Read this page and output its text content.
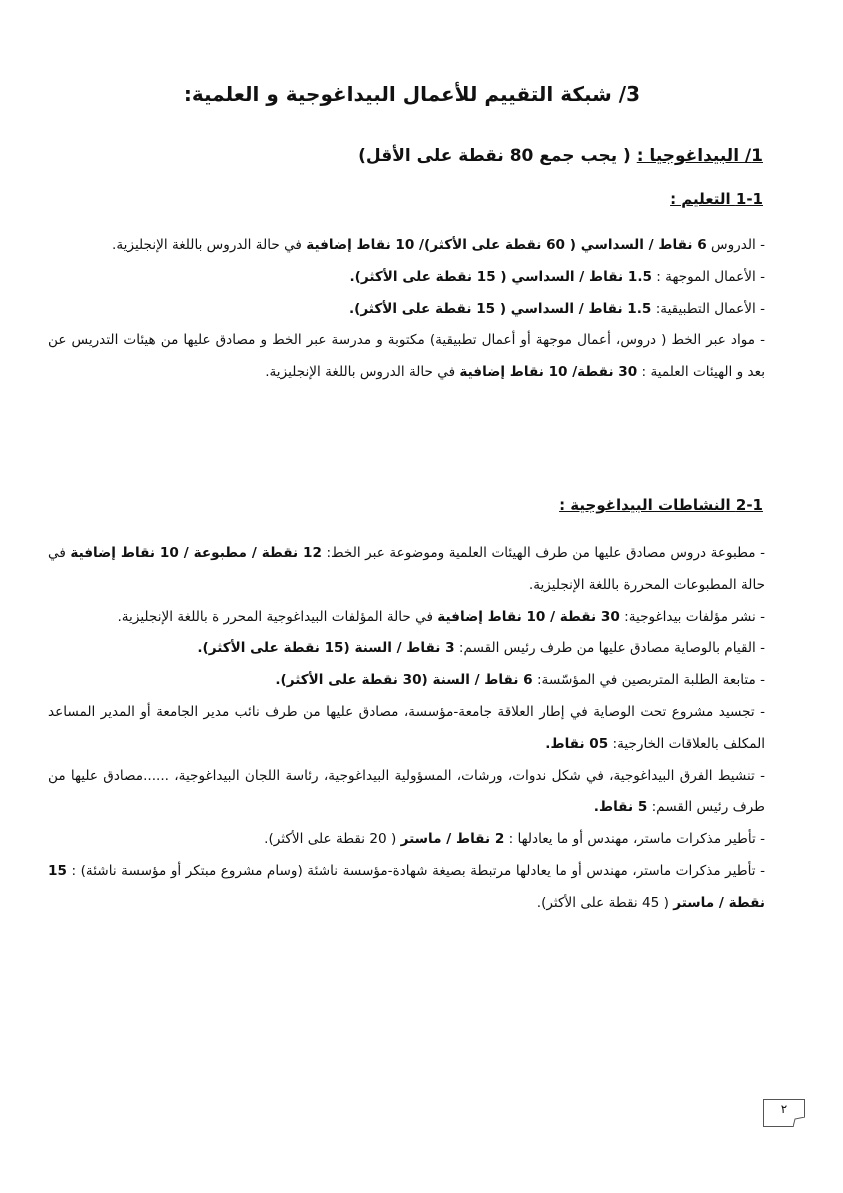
3/ شبكة التقييم للأعمال البيداغوجية و العلمية:
1/ البيداغوجيا : ( يجب جمع 80 نقطة على الأقل)
1-1 التعليم :

- الدروس 6 نقاط / السداسي ( 60 نقطة على الأكثر)/ 10 نقاط إضافية في حالة الدروس باللغة الإنجليزية.

- الأعمال الموجهة : 1.5 نقاط / السداسي ( 15 نقطة على الأكثر).

- الأعمال التطبيقية: 1.5 نقاط / السداسي ( 15 نقطة على الأكثر).

- مواد عبر الخط ( دروس، أعمال موجهة أو أعمال تطبيقية) مكتوبة و مدرسة عبر الخط و مصادق عليها من هيئات التدريس عن بعد و الهيئات العلمية : 30 نقطة/ 10 نقاط إضافية في حالة الدروس باللغة الإنجليزية.

2-1 النشاطات البيداغوجية :

- مطبوعة دروس مصادق عليها من طرف الهيئات العلمية وموضوعة عبر الخط: 12 نقطة / مطبوعة / 10 نقاط إضافية في حالة المطبوعات المحررة باللغة الإنجليزية.

- نشر مؤلفات بيداغوجية: 30 نقطة / 10 نقاط إضافية في حالة المؤلفات البيداغوجية المحرر ة باللغة الإنجليزية.

- القيام بالوصاية مصادق عليها من طرف رئيس القسم: 3 نقاط / السنة (15 نقطة على الأكثر).

- متابعة الطلبة المتربصين في المؤسّسة: 6 نقاط / السنة (30 نقطة على الأكثر).

- تجسيد مشروع تحت الوصاية في إطار العلاقة جامعة-مؤسسة، مصادق عليها من طرف نائب مدير الجامعة أو المدير المساعد المكلف بالعلاقات الخارجية: 05 نقاط.

- تنشيط الفرق البيداغوجية، في شكل ندوات، ورشات، المسؤولية البيداغوجية، رئاسة اللجان البيداغوجية، ......مصادق عليها من طرف رئيس القسم: 5 نقاط.

- تأطير مذكرات ماستر، مهندس أو ما يعادلها : 2 نقاط / ماستر ( 20 نقطة على الأكثر).

- تأطير مذكرات ماستر، مهندس أو ما يعادلها مرتبطة بصيغة شهادة-مؤسسة ناشئة (وسام مشروع مبتكر أو مؤسسة ناشئة) : 15 نقطة / ماستر ( 45 نقطة على الأكثر).

٢
